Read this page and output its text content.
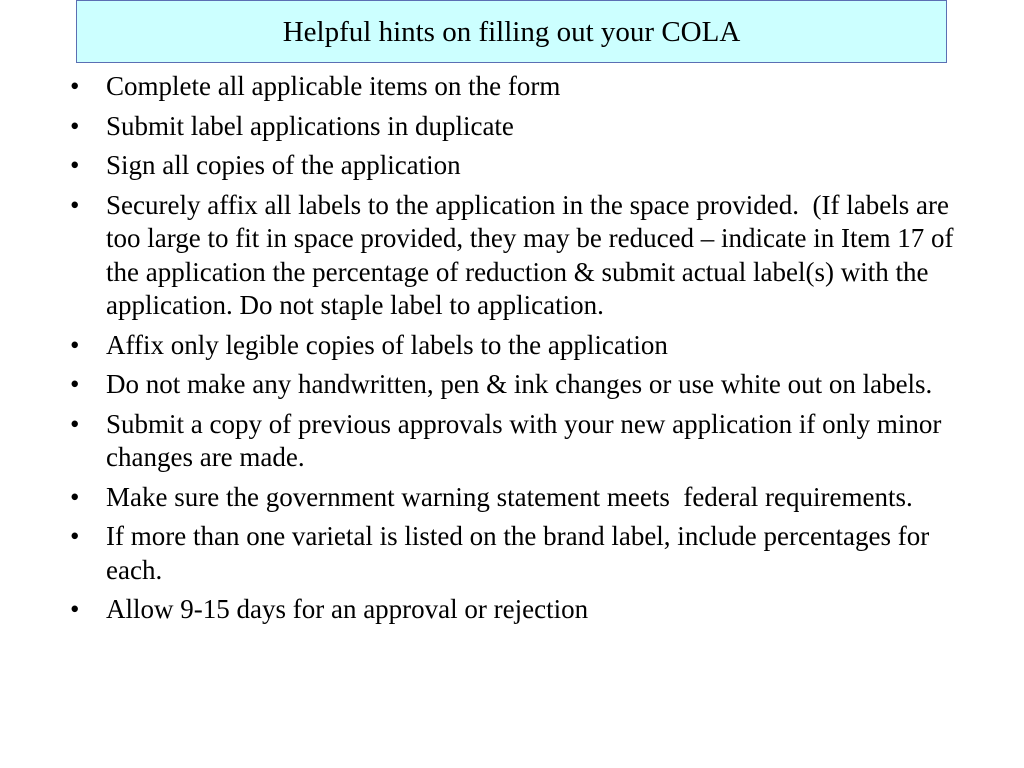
Helpful hints on filling out your COLA
• Complete all applicable items on the form
• Submit label applications in duplicate
• Sign all copies of the application
• Securely affix all labels to the application in the space provided.  (If labels are too large to fit in space provided, they may be reduced – indicate in Item 17 of the application the percentage of reduction & submit actual label(s) with the application. Do not staple label to application.
• Affix only legible copies of labels to the application
• Do not make any handwritten, pen & ink changes or use white out on labels.
• Submit a copy of previous approvals with your new application if only minor changes are made.
• Make sure the government warning statement meets  federal requirements.
• If more than one varietal is listed on the brand label, include percentages for each.
• Allow 9-15 days for an approval or rejection
